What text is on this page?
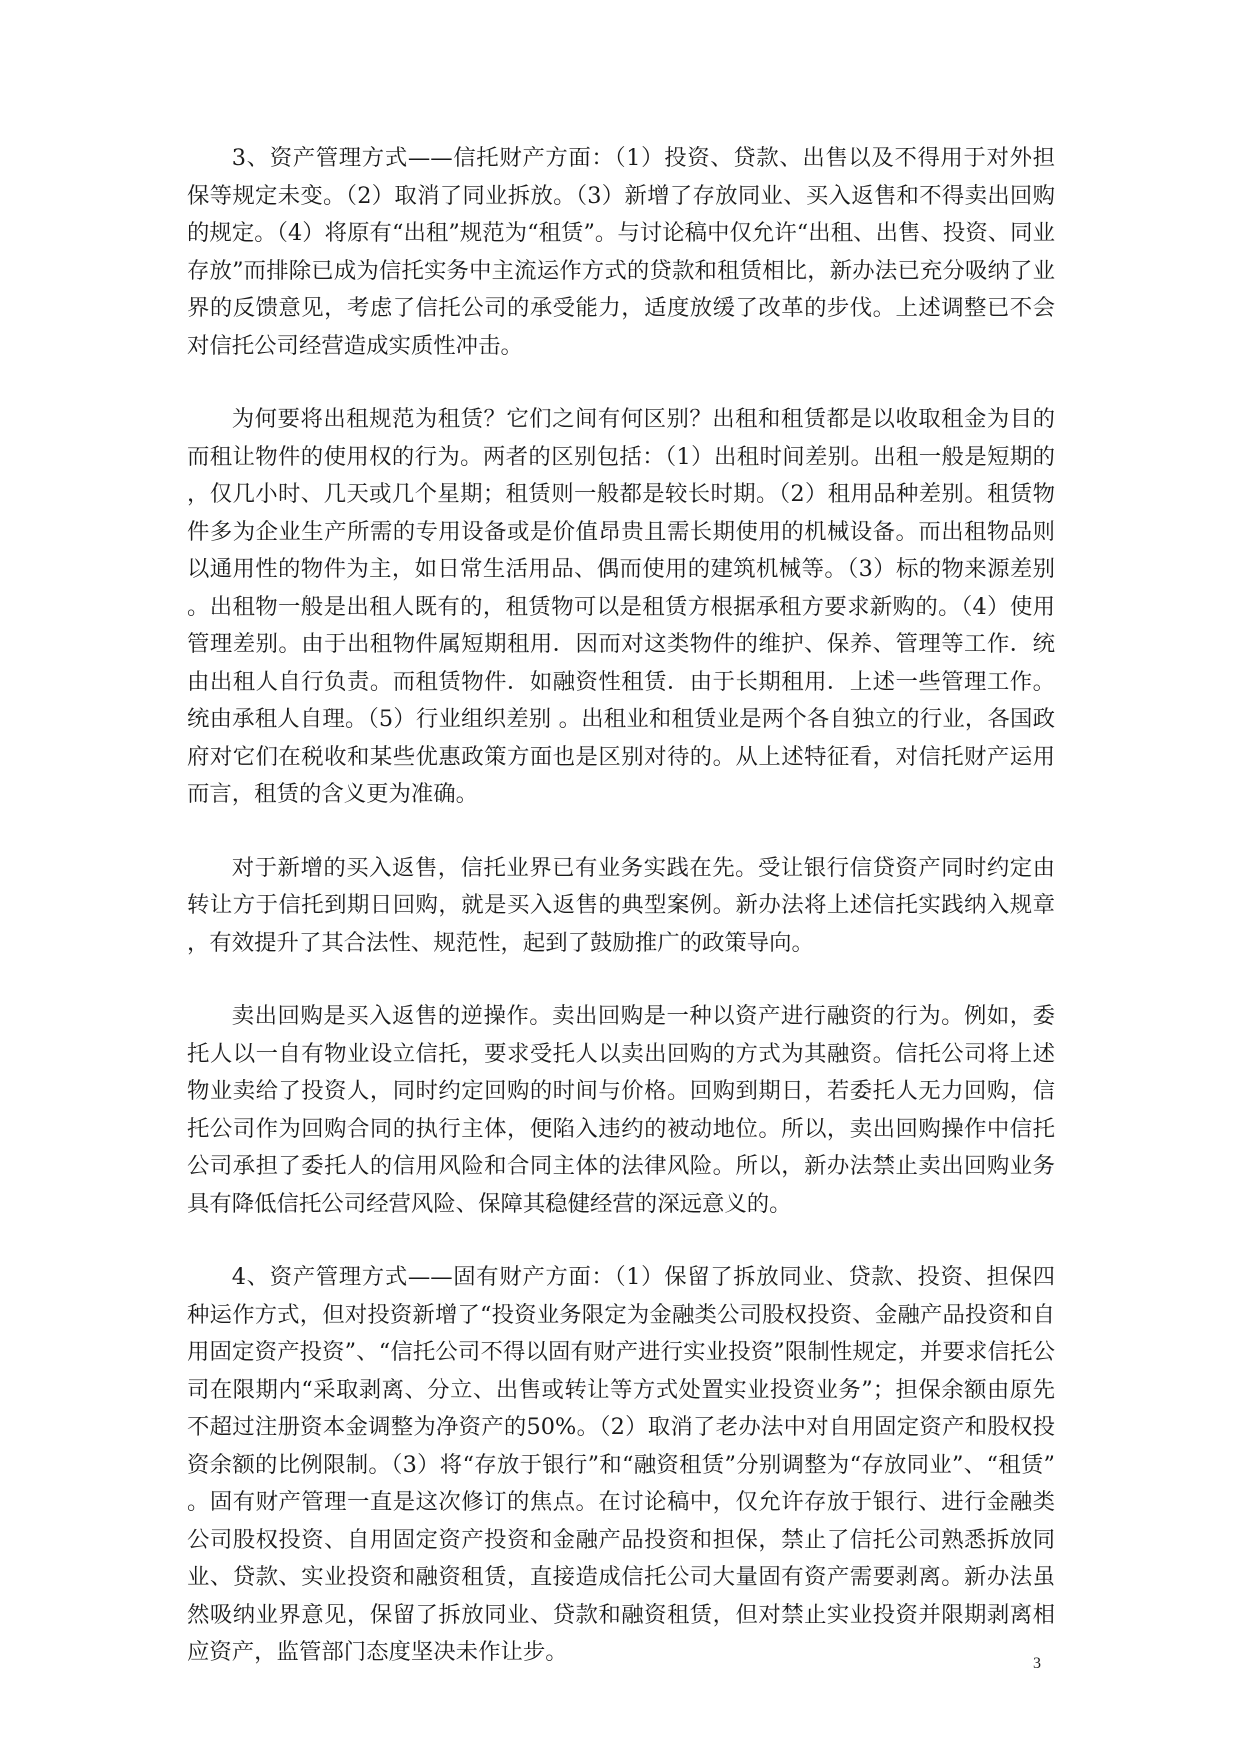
3、资产管理方式——信托财产方面：（1）投资、贷款、出售以及不得用于对外担保等规定未变。（2）取消了同业拆放。（3）新增了存放同业、买入返售和不得卖出回购的规定。（4）将原有“出租”规范为“租赁”。与讨论稿中仅允许“出租、出售、投资、同业存放”而排除已成为信托实务中主流运作方式的贷款和租赁相比，新办法已充分吸纳了业界的反馈意见，考虑了信托公司的承受能力，适度放缓了改革的步伐。上述调整已不会对信托公司经营造成实质性冲击。

为何要将出租规范为租赁？它们之间有何区别？出租和租赁都是以收取租金为目的而租让物件的使用权的行为。两者的区别包括：（1）出租时间差别。出租一般是短期的，仅几小时、几天或几个星期；租赁则一般都是较长时期。（2）租用品种差别。租赁物件多为企业生产所需的专用设备或是价值昂贵且需长期使用的机械设备。而出租物品则以通用性的物件为主，如日常生活用品、偶而使用的建筑机械等。（3）标的物来源差别。出租物一般是出租人既有的，租赁物可以是租赁方根据承租方要求新购的。（4）使用管理差别。由于出租物件属短期租用．因而对这类物件的维护、保养、管理等工作．统由出租人自行负责。而租赁物件．如融资性租赁．由于长期租用．上述一些管理工作。统由承租人自理。（5）行业组织差别 。出租业和租赁业是两个各自独立的行业，各国政府对它们在税收和某些优惠政策方面也是区别对待的。从上述特征看，对信托财产运用而言，租赁的含义更为准确。

对于新增的买入返售，信托业界已有业务实践在先。受让银行信贷资产同时约定由转让方于信托到期日回购，就是买入返售的典型案例。新办法将上述信托实践纳入规章，有效提升了其合法性、规范性，起到了鼓励推广的政策导向。

卖出回购是买入返售的逆操作。卖出回购是一种以资产进行融资的行为。例如，委托人以一自有物业设立信托，要求受托人以卖出回购的方式为其融资。信托公司将上述物业卖给了投资人，同时约定回购的时间与价格。回购到期日，若委托人无力回购，信托公司作为回购合同的执行主体，便陷入违约的被动地位。所以，卖出回购操作中信托公司承担了委托人的信用风险和合同主体的法律风险。所以，新办法禁止卖出回购业务具有降低信托公司经营风险、保障其稳健经营的深远意义的。

4、资产管理方式——固有财产方面：（1）保留了拆放同业、贷款、投资、担保四种运作方式，但对投资新增了“投资业务限定为金融类公司股权投资、金融产品投资和自用固定资产投资”、“信托公司不得以固有财产进行实业投资”限制性规定，并要求信托公司在限期内“采取剥离、分立、出售或转让等方式处置实业投资业务”；担保余额由原先不超过注册资本金调整为净资产的50%。（2）取消了老办法中对自用固定资产和股权投资余额的比例限制。（3）将“存放于银行”和“融资租赁”分别调整为“存放同业”、“租赁”。固有财产管理一直是这次修订的焦点。在讨论稿中，仅允许存放于银行、进行金融类公司股权投资、自用固定资产投资和金融产品投资和担保，禁止了信托公司熟悉拆放同业、贷款、实业投资和融资租赁，直接造成信托公司大量固有资产需要剥离。新办法虽然吸纳业界意见，保留了拆放同业、贷款和融资租赁，但对禁止实业投资并限期剥离相应资产，监管部门态度坚决未作让步。	3
